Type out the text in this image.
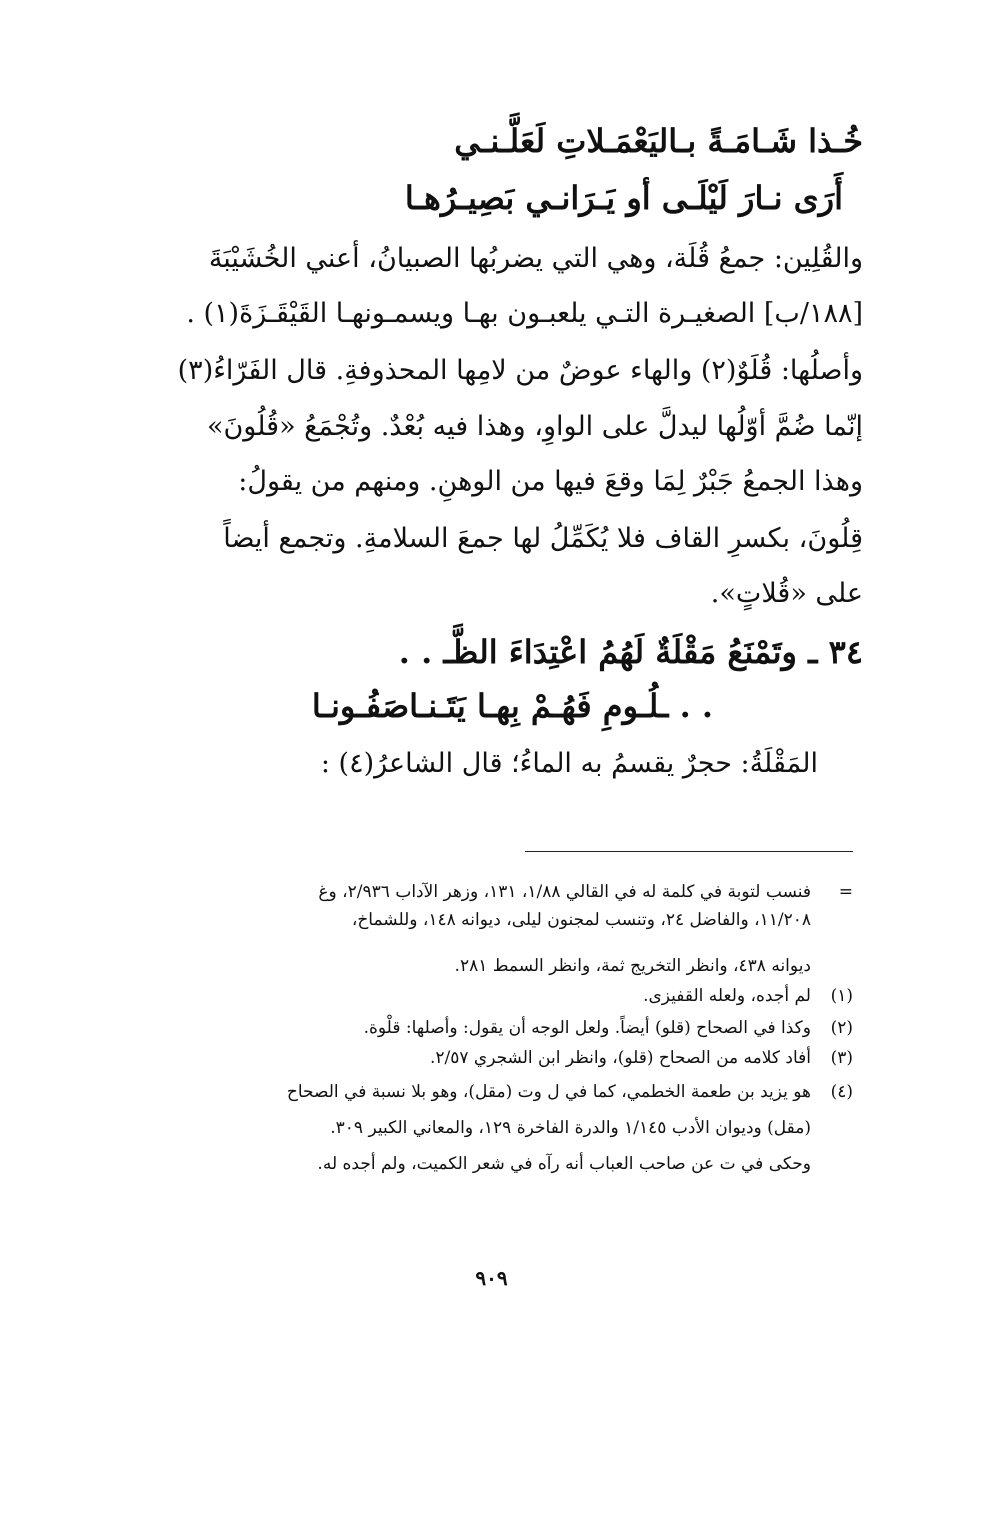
خُـذا شَـامَـةً بـاليَعْمَـلاتِ لَعَلَّـنـي
أَرَى نـارَ لَيْلَـى أو يَـرَانـي بَصِيـرُهـا
والقُلِين: جمعُ قُلَة، وهي التي يضربُها الصبيانُ، أعني الخُشَيْبَةَ
[١٨٨/ب] الصغيـرة التـي يلعبـون بهـا ويسمـونهـا القَيْقَـزَةَ(١) .
وأصلُها: قُلَوٌ(٢) والهاء عوضٌ من لامِها المحذوفةِ. قال الفَرّاءُ(٣)
إنّما ضُمَّ أوّلُها ليدلَّ على الواوِ، وهذا فيه بُعْدٌ. وتُجْمَعُ «قُلُونَ»
وهذا الجمعُ جَبْرٌ لِمَا وقعَ فيها من الوهنِ. ومنهم من يقولُ:
قِلُونَ، بكسرِ القاف فلا يُكَمِّلُ لها جمعَ السلامةِ. وتجمع أيضاً
على «قُلاتٍ».
٣٤ ـ وتَمْنَعُ مَقْلَةٌ لَهُمُ اعْتِدَاءَ الظَّـ . .
. . ـلُـومِ فَهُـمْ بِهـا يَتَـنـاصَفُـونـا
المَقْلَةُ: حجرٌ يقسمُ به الماءُ؛ قال الشاعرُ(٤) :
=
فنسب لتوبة في كلمة له في القالي ١/٨٨، ١٣١، وزهر الآداب ٢/٩٣٦، وغ
١١/٢٠٨، والفاضل ٢٤، وتنسب لمجنون ليلى، ديوانه ١٤٨، وللشماخ،
ديوانه ٤٣٨، وانظر التخريج ثمة، وانظر السمط ٢٨١.
(١)
لم أجده، ولعله القفيزى.
(٢)
وكذا في الصحاح (قلو) أيضاً. ولعل الوجه أن يقول: وأصلها: قلْوة.
(٣)
أفاد كلامه من الصحاح (قلو)، وانظر ابن الشجري ٢/٥٧.
(٤)
هو يزيد بن طعمة الخطمي، كما في ل وت (مقل)، وهو بلا نسبة في الصحاح
(مقل) وديوان الأدب ١/١٤٥ والدرة الفاخرة ١٢٩، والمعاني الكبير ٣٠٩.
وحكى في ت عن صاحب العباب أنه رآه في شعر الكميت، ولم أجده له.
٩٠٩
